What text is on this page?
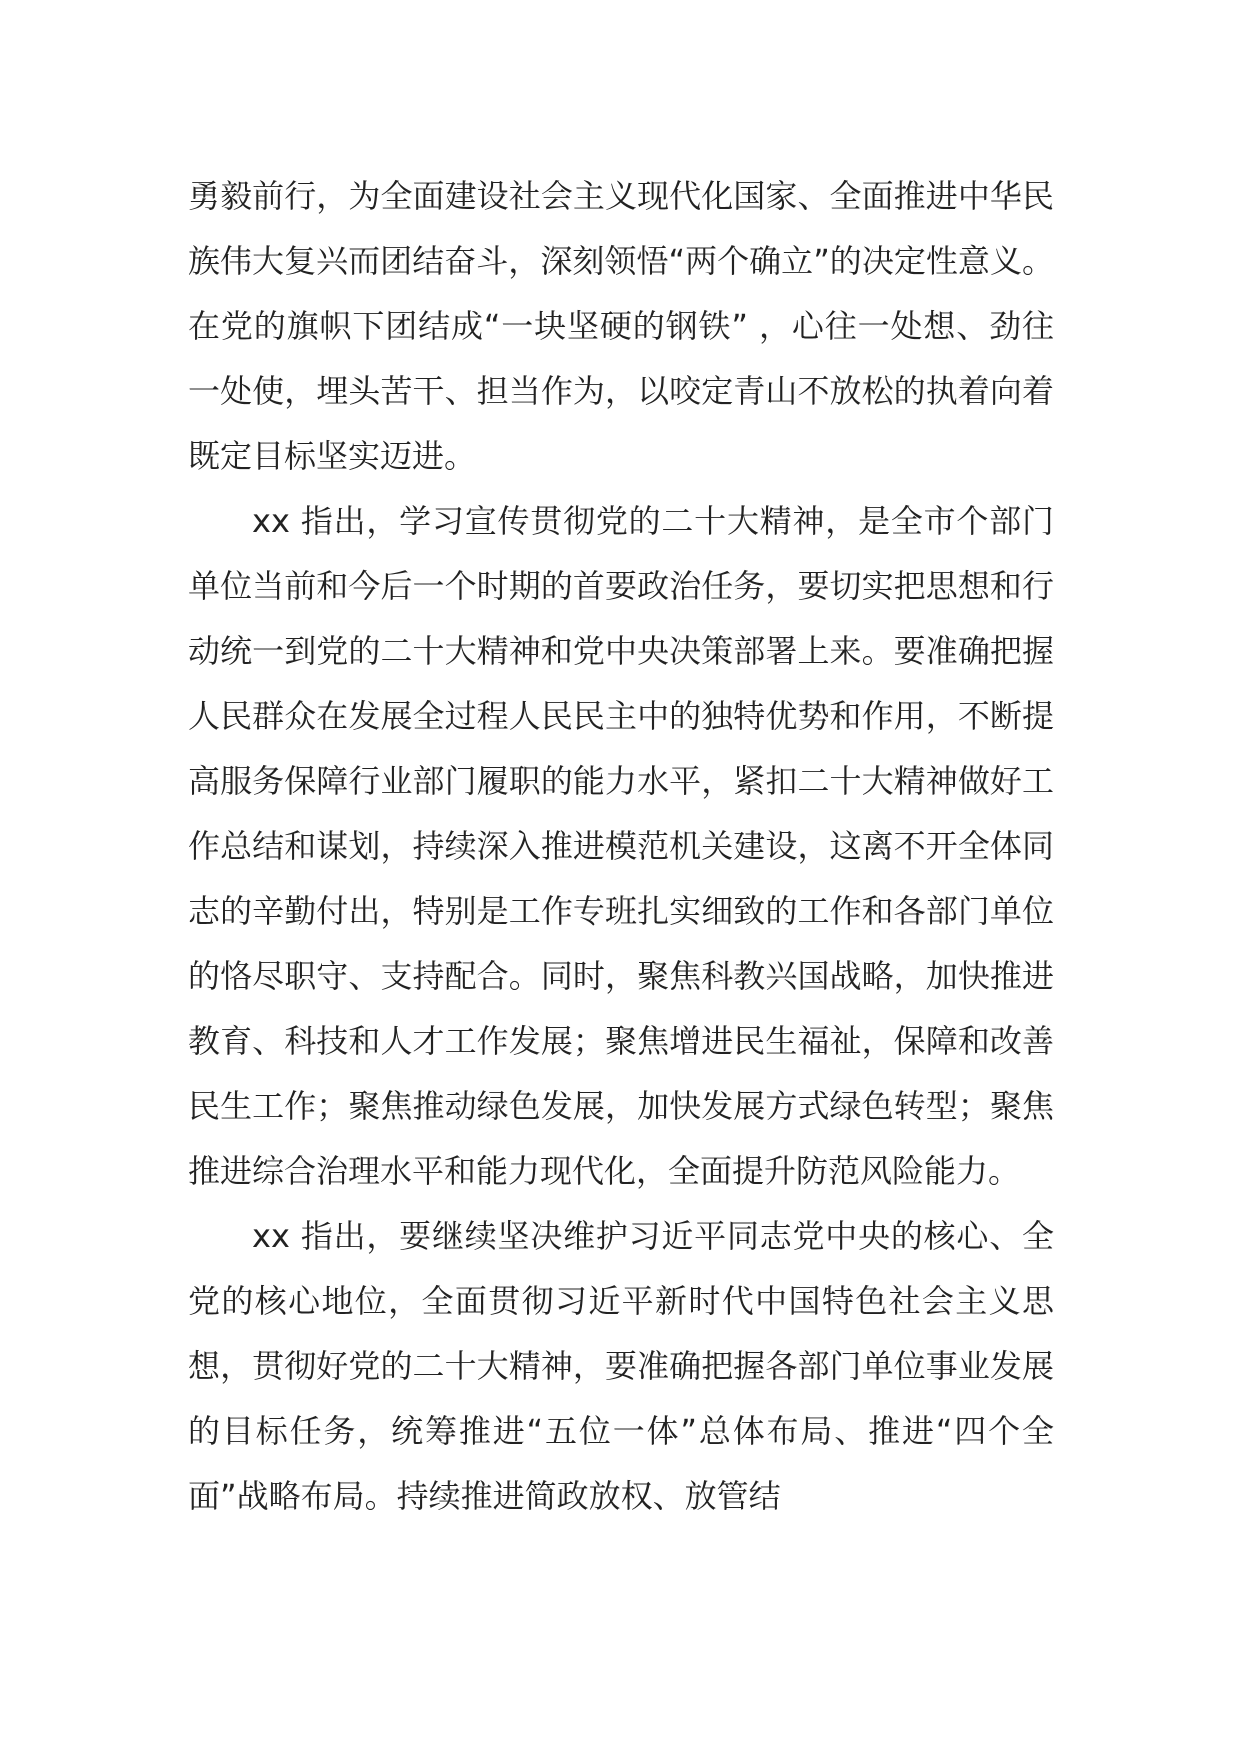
勇毅前行，为全面建设社会主义现代化国家、全面推进中华民族伟大复兴而团结奋斗，深刻领悟“两个确立”的决定性意义。在党的旗帜下团结成“一块坚硬的钢铁” ，心往一处想、劲往一处使，埋头苦干、担当作为，以咬定青山不放松的执着向着既定目标坚实迈进。

xx 指出，学习宣传贯彻党的二十大精神，是全市个部门单位当前和今后一个时期的首要政治任务，要切实把思想和行动统一到党的二十大精神和党中央决策部署上来。要准确把握人民群众在发展全过程人民民主中的独特优势和作用，不断提高服务保障行业部门履职的能力水平，紧扣二十大精神做好工作总结和谋划，持续深入推进模范机关建设，这离不开全体同志的辛勤付出，特别是工作专班扎实细致的工作和各部门单位的恪尽职守、支持配合。同时，聚焦科教兴国战略，加快推进教育、科技和人才工作发展；聚焦增进民生福祉，保障和改善民生工作；聚焦推动绿色发展，加快发展方式绿色转型；聚焦推进综合治理水平和能力现代化，全面提升防范风险能力。

xx 指出，要继续坚决维护习近平同志党中央的核心、全党的核心地位，全面贯彻习近平新时代中国特色社会主义思想，贯彻好党的二十大精神，要准确把握各部门单位事业发展的目标任务，统筹推进“五位一体”总体布局、推进“四个全面”战略布局。持续推进简政放权、放管结
